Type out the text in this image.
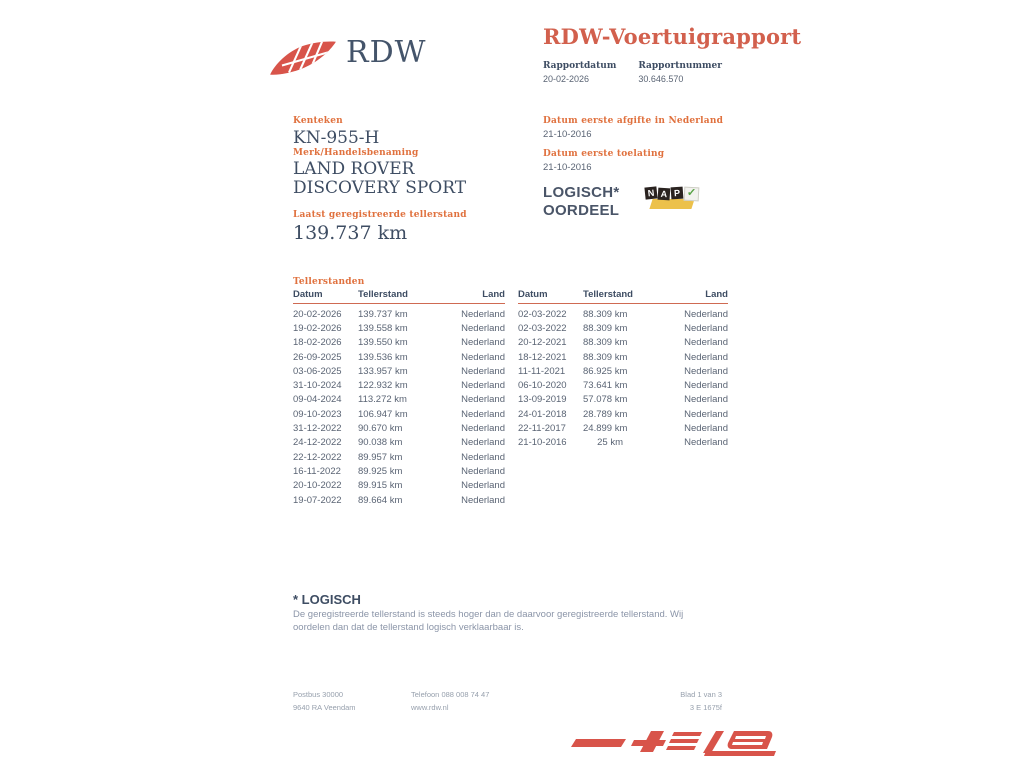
RDW	RDW-Voertuigrapport
Rapportdatum
20-02-2026
Rapportnummer
30.646.570
Kenteken
KN-955-H
Merk/Handelsbenaming
LAND ROVER
DISCOVERY SPORT
Laatst geregistreerde tellerstand
139.737 km
Datum eerste afgifte in Nederland
21-10-2016
Datum eerste toelating
21-10-2016
LOGISCH*
OORDEEL
N A P ✓
Tellerstanden
Datum	Tellerstand	Land
20-02-2026	139.737 km	Nederland
19-02-2026	139.558 km	Nederland
18-02-2026	139.550 km	Nederland
26-09-2025	139.536 km	Nederland
03-06-2025	133.957 km	Nederland
31-10-2024	122.932 km	Nederland
09-04-2024	113.272 km	Nederland
09-10-2023	106.947 km	Nederland
31-12-2022	90.670 km	Nederland
24-12-2022	90.038 km	Nederland
22-12-2022	89.957 km	Nederland
16-11-2022	89.925 km	Nederland
20-10-2022	89.915 km	Nederland
19-07-2022	89.664 km	Nederland
Datum	Tellerstand	Land
02-03-2022	88.309 km	Nederland
02-03-2022	88.309 km	Nederland
20-12-2021	88.309 km	Nederland
18-12-2021	88.309 km	Nederland
11-11-2021	86.925 km	Nederland
06-10-2020	73.641 km	Nederland
13-09-2019	57.078 km	Nederland
24-01-2018	28.789 km	Nederland
22-11-2017	24.899 km	Nederland
21-10-2016	25 km	Nederland
* LOGISCH
De geregistreerde tellerstand is steeds hoger dan de daarvoor geregistreerde tellerstand. Wij oordelen dan dat de tellerstand logisch verklaarbaar is.
Postbus 30000	Telefoon 088 008 74 47	Blad 1 van 3
9640 RA Veendam	www.rdw.nl	3 E 1675f
